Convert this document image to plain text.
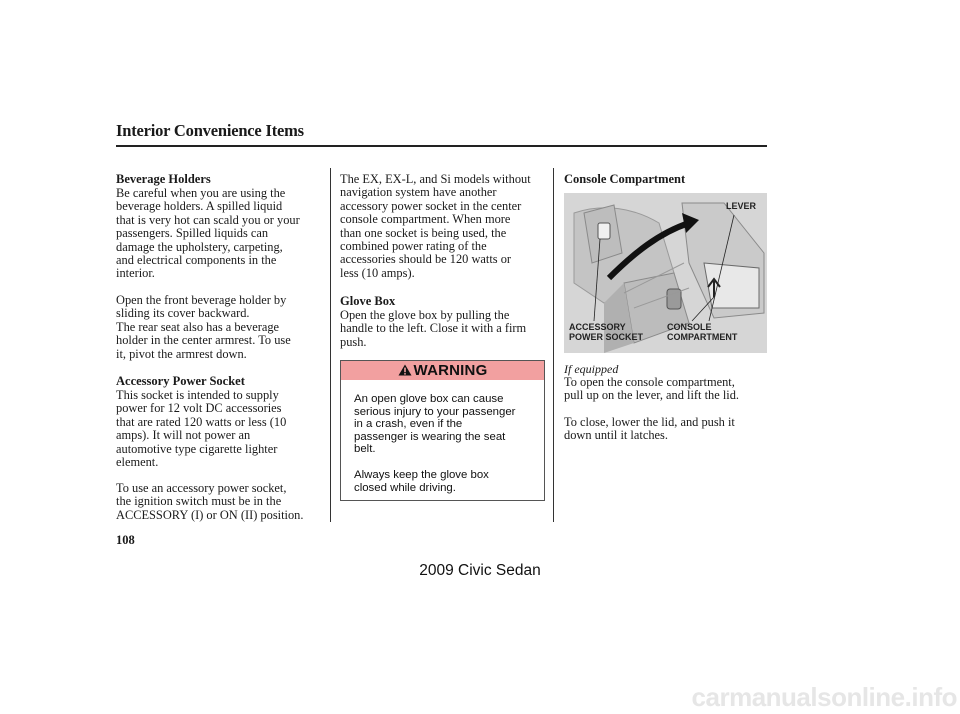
Interior Convenience Items
Beverage Holders
Be careful when you are using the
beverage holders. A spilled liquid
that is very hot can scald you or your
passengers. Spilled liquids can
damage the upholstery, carpeting,
and electrical components in the
interior.
Open the front beverage holder by
sliding its cover backward.
The rear seat also has a beverage
holder in the center armrest. To use
it, pivot the armrest down.
Accessory Power Socket
This socket is intended to supply
power for 12 volt DC accessories
that are rated 120 watts or less (10
amps). It will not power an
automotive type cigarette lighter
element.
To use an accessory power socket,
the ignition switch must be in the
ACCESSORY (I) or ON (II) position.
The EX, EX-L, and Si models without
navigation system have another
accessory power socket in the center
console compartment. When more
than one socket is being used, the
combined power rating of the
accessories should be 120 watts or
less (10 amps).
Glove Box
Open the glove box by pulling the
handle to the left. Close it with a firm
push.
WARNING
An open glove box can cause
serious injury to your passenger
in a crash, even if the
passenger is wearing the seat
belt.
Always keep the glove box
closed while driving.
Console Compartment
LEVER
ACCESSORY
POWER SOCKET
CONSOLE
COMPARTMENT
If equipped
To open the console compartment,
pull up on the lever, and lift the lid.
To close, lower the lid, and push it
down until it latches.
108
2009 Civic Sedan
carmanualsonline.info
